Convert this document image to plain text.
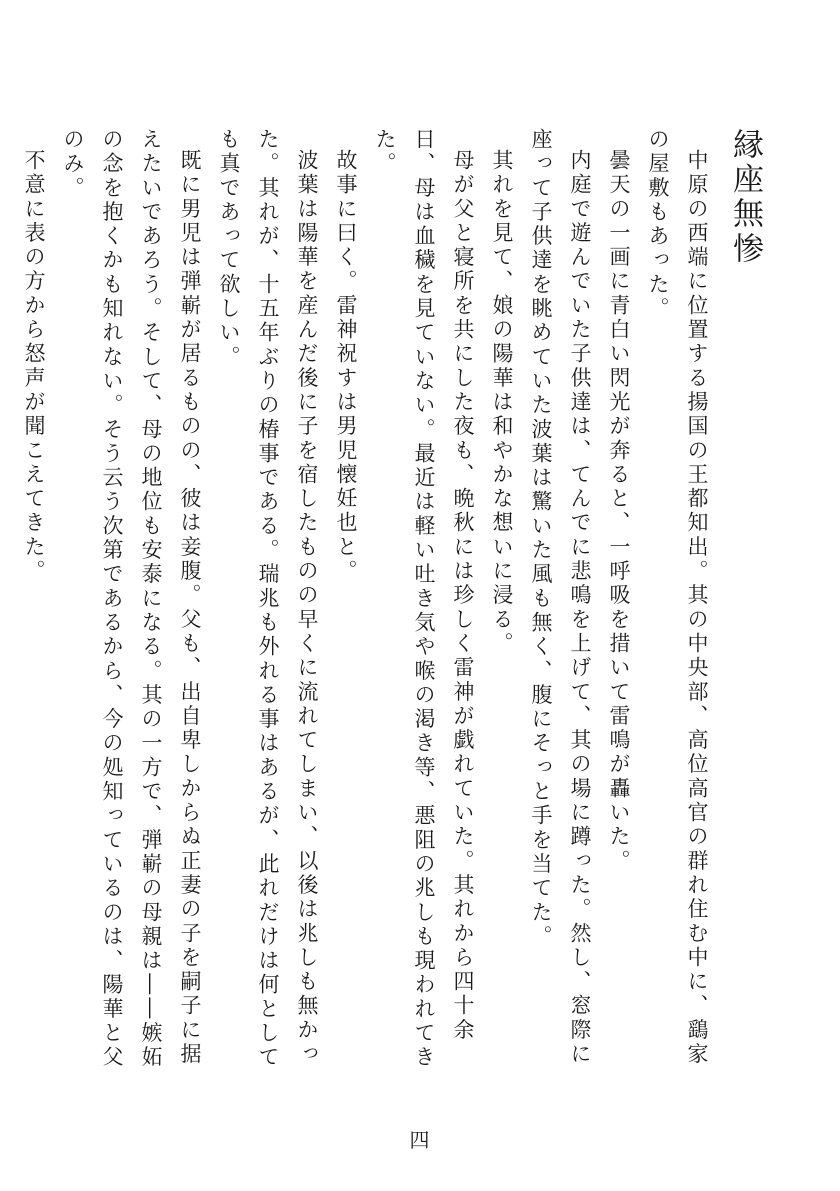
縁座無惨

中原の西端に位置する揚国の王都知出。其の中央部、高位高官の群れ住む中に、鷂家の屋敷もあった。

曇天の一画に青白い閃光が奔ると、一呼吸を措いて雷鳴が轟いた。

内庭で遊んでいた子供達は、てんでに悲鳴を上げて、其の場に蹲った。然し、窓際に座って子供達を眺めていた波葉は驚いた風も無く、腹にそっと手を当てた。

其れを見て、娘の陽華は和やかな想いに浸る。

母が父と寝所を共にした夜も、晩秋には珍しく雷神が戯れていた。其れから四十余日、母は血穢を見ていない。最近は軽い吐き気や喉の渇き等、悪阻の兆しも現われてきた。

故事に曰く。雷神祝すは男児懐妊也と。

波葉は陽華を産んだ後に子を宿したものの早くに流れてしまい、以後は兆しも無かった。其れが、十五年ぶりの椿事である。瑞兆も外れる事はあるが、此れだけは何としても真であって欲しい。

既に男児は弾嶄が居るものの、彼は妾腹。父も、出自卑しからぬ正妻の子を嗣子に据えたいであろう。そして、母の地位も安泰になる。其の一方で、弾嶄の母親は――嫉妬の念を抱くかも知れない。そう云う次第であるから、今の処知っているのは、陽華と父のみ。

不意に表の方から怒声が聞こえてきた。

四
